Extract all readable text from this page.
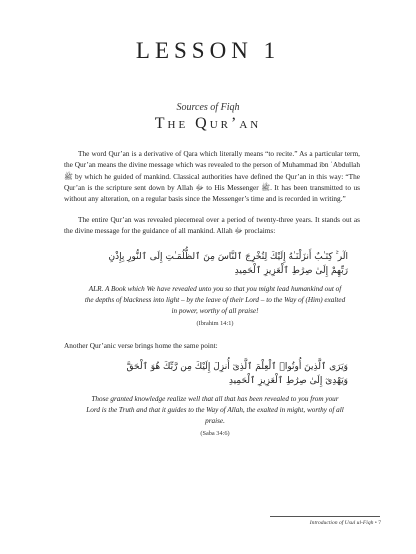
LESSON 1
Sources of Fiqh
The Qur’an

The word Qur’an is a derivative of Qara which literally means “to recite.” As a particular term, the Qur’an means the divine message which was revealed to the person of Muhammad ibn ʿAbdullah ﷺ by which he guided of mankind. Classical authorities have defined the Qur’an in this way: “The Qur’an is the scripture sent down by Allah ﷻ to His Messenger ﷺ. It has been transmitted to us without any alteration, on a regular basis since the Messenger’s time and is recorded in writing.”

The entire Qur’an was revealed piecemeal over a period of twenty-three years. It stands out as the divine message for the guidance of all mankind. Allah ﷻ proclaims:

الٓر ۚ كِتَـٰبٌ أَنزَلْنَـٰهُ إِلَيْكَ لِتُخْرِجَ ٱلنَّاسَ مِنَ ٱلظُّلُمَـٰتِ إِلَى ٱلنُّورِ بِإِذْنِ
رَبِّهِمْ إِلَىٰ صِرَٰطِ ٱلْعَزِيزِ ٱلْحَمِيدِ
ALR. A Book which We have revealed unto you so that you might lead humankind out of the depths of blackness into light – by the leave of their Lord – to the Way of (Him) exalted in power, worthy of all praise!
(Ibrahim 14:1)
Another Qur’anic verse brings home the same point:
وَيَرَى ٱلَّذِينَ أُوتُوا۟ ٱلْعِلْمَ ٱلَّذِىٓ أُنزِلَ إِلَيْكَ مِن رَّبِّكَ هُوَ ٱلْحَقَّ
وَيَهْدِىٓ إِلَىٰ صِرَٰطِ ٱلْعَزِيزِ ٱلْحَمِيدِ
Those granted knowledge realize well that all that has been revealed to you from your Lord is the Truth and that it guides to the Way of Allah, the exalted in might, worthy of all praise.
(Saba 34:6)
Introduction of Usul ul-Fiqh • 7
